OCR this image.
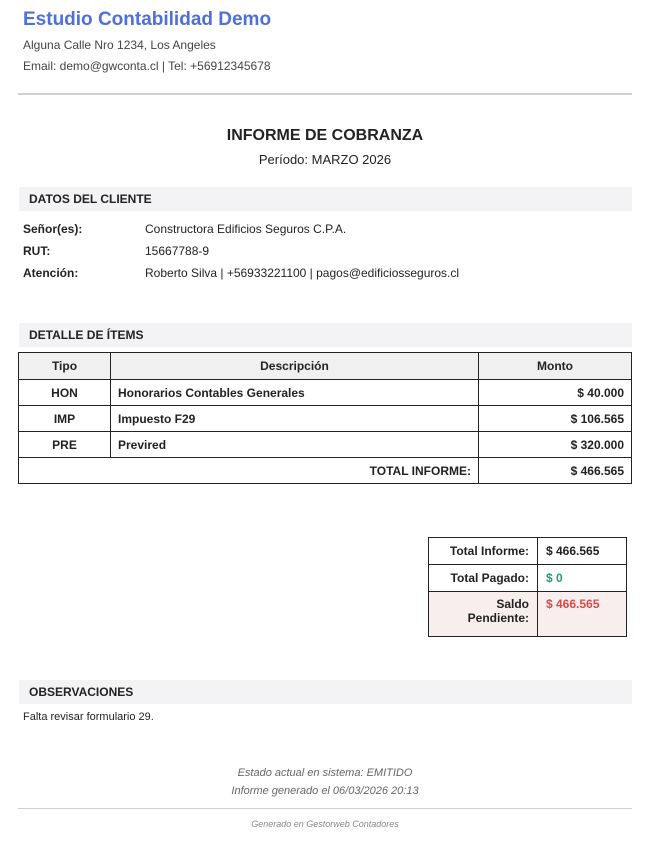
Estudio Contabilidad Demo
Alguna Calle Nro 1234, Los Angeles
Email: demo@gwconta.cl | Tel: +56912345678
INFORME DE COBRANZA
Período: MARZO 2026
DATOS DEL CLIENTE
Señor(es):	Constructora Edificios Seguros C.P.A.
RUT:	15667788-9
Atención:	Roberto Silva | +56933221100 | pagos@edificiosseguros.cl
DETALLE DE ÍTEMS
Tipo	Descripción	Monto
HON	Honorarios Contables Generales	$ 40.000
IMP	Impuesto F29	$ 106.565
PRE	Previred	$ 320.000
TOTAL INFORME:		$ 466.565
Total Informe:	$ 466.565
Total Pagado:	$ 0
Saldo
Pendiente:	$ 466.565
OBSERVACIONES
Falta revisar formulario 29.
Estado actual en sistema: EMITIDO
Informe generado el 06/03/2026 20:13
Generado en Gestorweb Contadores
